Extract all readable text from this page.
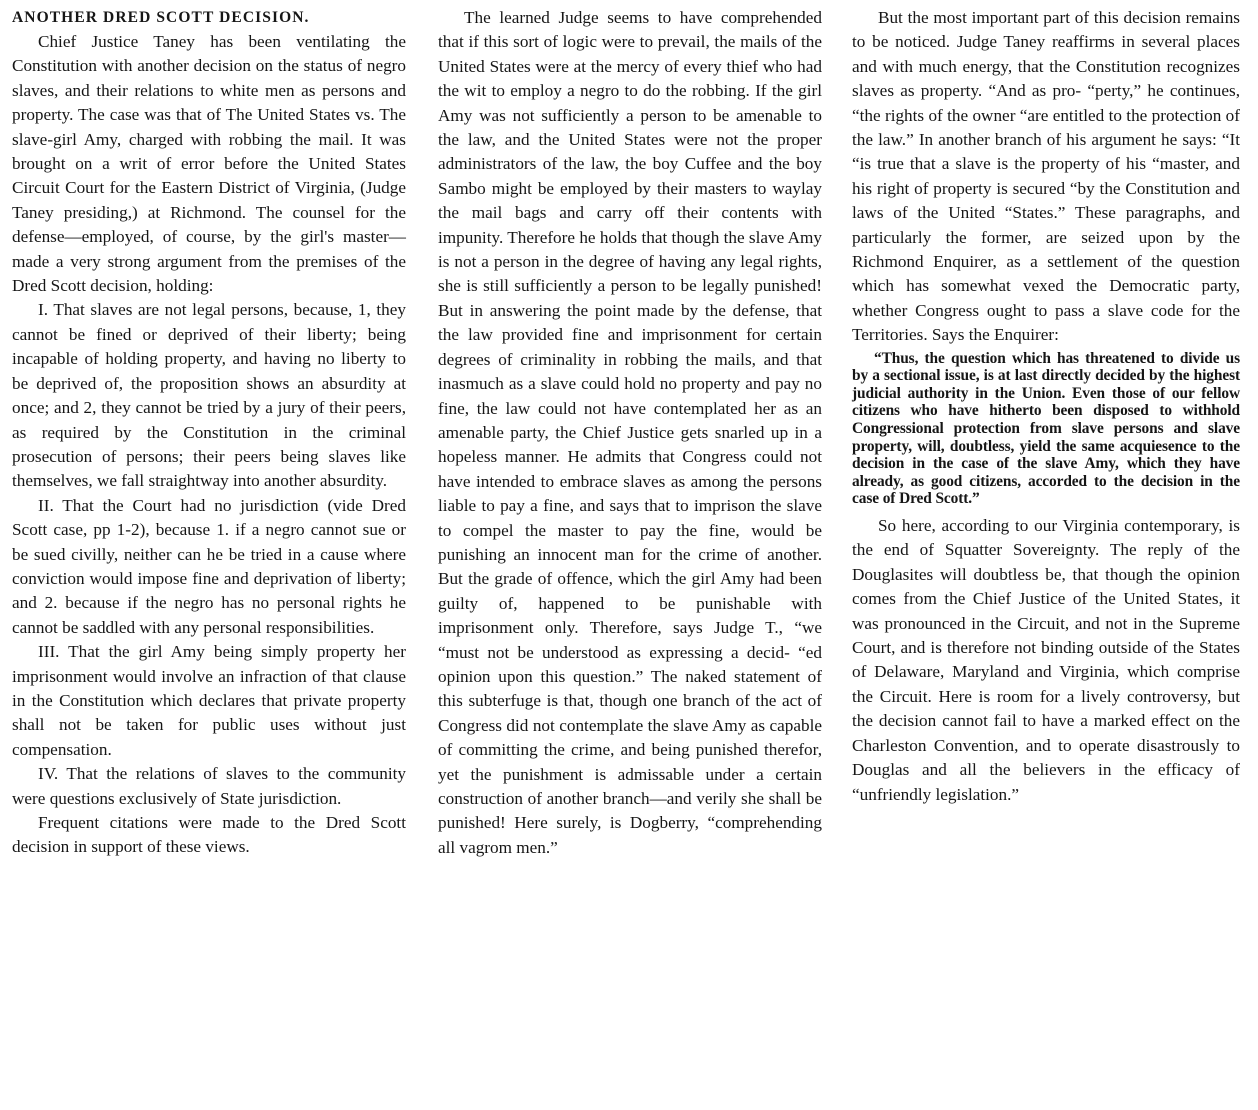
ANOTHER DRED SCOTT DECISION.

Chief Justice Taney has been ventilating the Constitution with another decision on the status of negro slaves, and their relations to white men as persons and property. The case was that of The United States vs. The slave-girl Amy, charged with robbing the mail. It was brought on a writ of error before the United States Circuit Court for the Eastern District of Virginia, (Judge Taney presiding,) at Richmond. The counsel for the defense—employed, of course, by the girl's master—made a very strong argument from the premises of the Dred Scott decision, holding:

I. That slaves are not legal persons, because, 1, they cannot be fined or deprived of their liberty; being incapable of holding property, and having no liberty to be deprived of, the proposition shows an absurdity at once; and 2, they cannot be tried by a jury of their peers, as required by the Constitution in the criminal prosecution of persons; their peers being slaves like themselves, we fall straightway into another absurdity.

II. That the Court had no jurisdiction (vide Dred Scott case, pp 1-2), because 1. if a negro cannot sue or be sued civilly, neither can he be tried in a cause where conviction would impose fine and deprivation of liberty; and 2. because if the negro has no personal rights he cannot be saddled with any personal responsibilities.

III. That the girl Amy being simply property her imprisonment would involve an infraction of that clause in the Constitution which declares that private property shall not be taken for public uses without just compensation.

IV. That the relations of slaves to the community were questions exclusively of State jurisdiction.

Frequent citations were made to the Dred Scott decision in support of these views.

The learned Judge seems to have comprehended that if this sort of logic were to prevail, the mails of the United States were at the mercy of every thief who had the wit to employ a negro to do the robbing. If the girl Amy was not sufficiently a person to be amenable to the law, and the United States were not the proper administrators of the law, the boy Cuffee and the boy Sambo might be employed by their masters to waylay the mail bags and carry off their contents with impunity. Therefore he holds that though the slave Amy is not a person in the degree of having any legal rights, she is still sufficiently a person to be legally punished! But in answering the point made by the defense, that the law provided fine and imprisonment for certain degrees of criminality in robbing the mails, and that inasmuch as a slave could hold no property and pay no fine, the law could not have contemplated her as an amenable party, the Chief Justice gets snarled up in a hopeless manner. He admits that Congress could not have intended to embrace slaves as among the persons liable to pay a fine, and says that to imprison the slave to compel the master to pay the fine, would be punishing an innocent man for the crime of another. But the grade of offence, which the girl Amy had been guilty of, happened to be punishable with imprisonment only. Therefore, says Judge T., “we “must not be understood as expressing a decid- “ed opinion upon this question.” The naked statement of this subterfuge is that, though one branch of the act of Congress did not contemplate the slave Amy as capable of committing the crime, and being punished therefor, yet the punishment is admissable under a certain construction of another branch—and verily she shall be punished! Here surely, is Dogberry, “comprehending all vagrom men.”

But the most important part of this decision remains to be noticed. Judge Taney reaffirms in several places and with much energy, that the Constitution recognizes slaves as property. “And as pro- “perty,” he continues, “the rights of the owner “are entitled to the protection of the law.” In another branch of his argument he says: “It “is true that a slave is the property of his “master, and his right of property is secured “by the Constitution and laws of the United “States.” These paragraphs, and particularly the former, are seized upon by the Richmond Enquirer, as a settlement of the question which has somewhat vexed the Democratic party, whether Congress ought to pass a slave code for the Territories. Says the Enquirer:

“Thus, the question which has threatened to divide us by a sectional issue, is at last directly decided by the highest judicial authority in the Union. Even those of our fellow citizens who have hitherto been disposed to withhold Congressional protection from slave persons and slave property, will, doubtless, yield the same acquiesence to the decision in the case of the slave Amy, which they have already, as good citizens, accorded to the decision in the case of Dred Scott.”

So here, according to our Virginia contemporary, is the end of Squatter Sovereignty. The reply of the Douglasites will doubtless be, that though the opinion comes from the Chief Justice of the United States, it was pronounced in the Circuit, and not in the Supreme Court, and is therefore not binding outside of the States of Delaware, Maryland and Virginia, which comprise the Circuit. Here is room for a lively controversy, but the decision cannot fail to have a marked effect on the Charleston Convention, and to operate disastrously to Douglas and all the believers in the efficacy of “unfriendly legislation.”
